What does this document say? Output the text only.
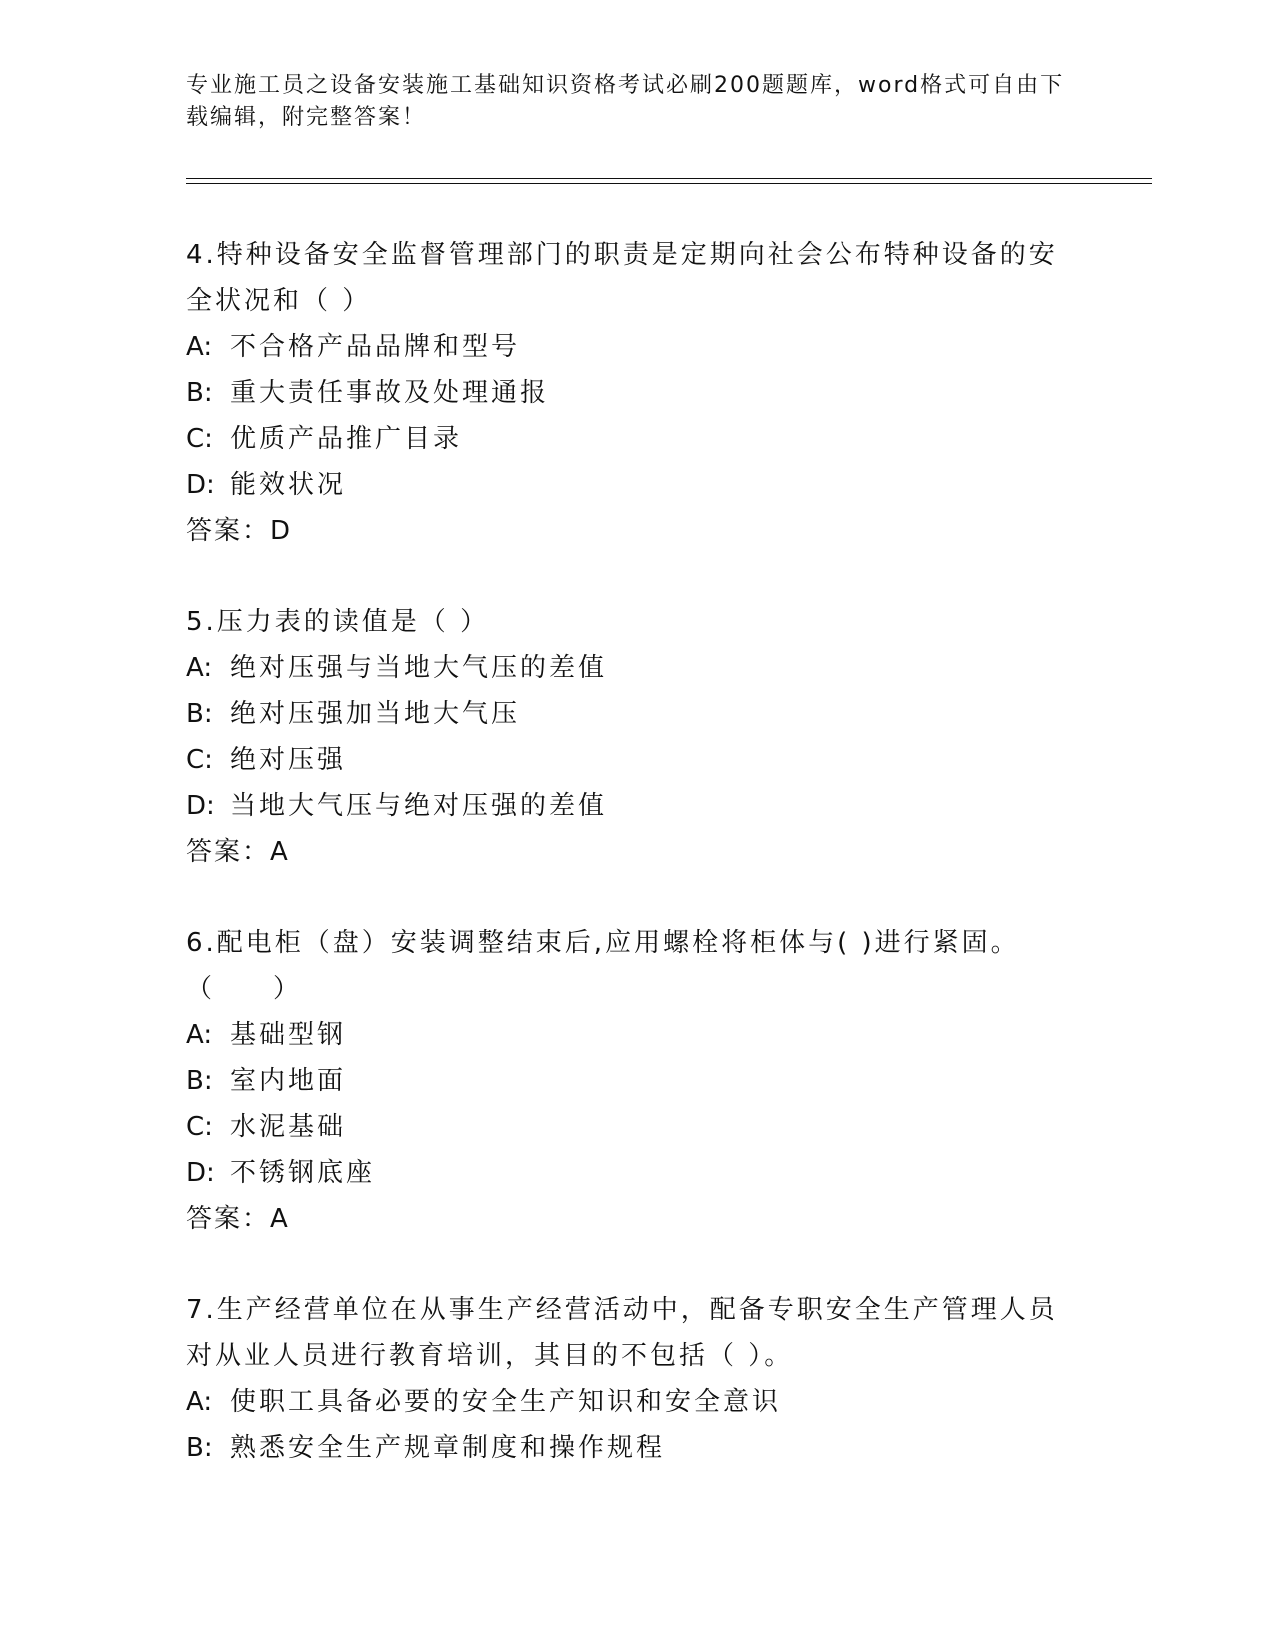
专业施工员之设备安装施工基础知识资格考试必刷200题题库，word格式可自由下载编辑，附完整答案！
4.特种设备安全监督管理部门的职责是定期向社会公布特种设备的安全状况和（ ）
A: 不合格产品品牌和型号
B: 重大责任事故及处理通报
C: 优质产品推广目录
D: 能效状况
答案：D
5.压力表的读值是（ ）
A: 绝对压强与当地大气压的差值
B: 绝对压强加当地大气压
C: 绝对压强
D: 当地大气压与绝对压强的差值
答案：A
6.配电柜（盘）安装调整结束后,应用螺栓将柜体与( )进行紧固。（　　）
A: 基础型钢
B: 室内地面
C: 水泥基础
D: 不锈钢底座
答案：A
7.生产经营单位在从事生产经营活动中，配备专职安全生产管理人员对从业人员进行教育培训，其目的不包括（ ）。
A: 使职工具备必要的安全生产知识和安全意识
B: 熟悉安全生产规章制度和操作规程
